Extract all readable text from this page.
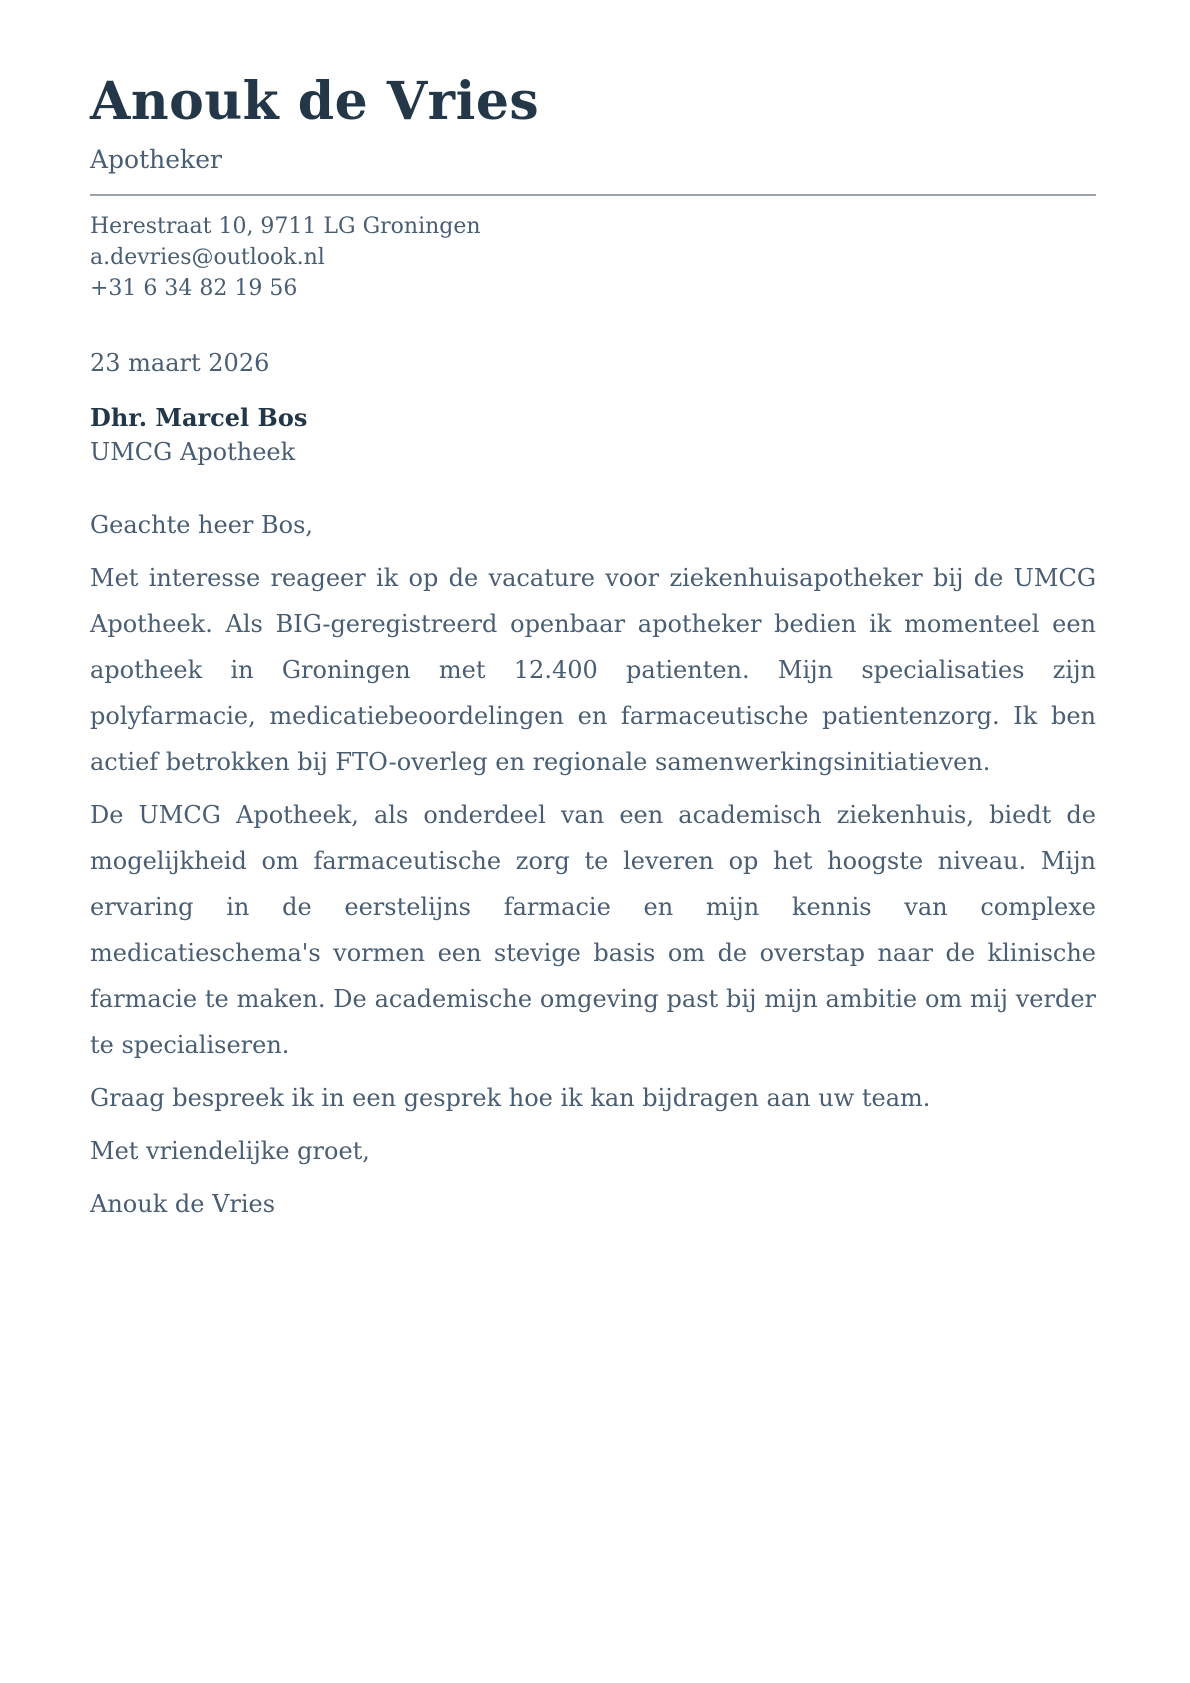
Anouk de Vries
Apotheker
Herestraat 10, 9711 LG Groningen
a.devries@outlook.nl
+31 6 34 82 19 56
23 maart 2026
Dhr. Marcel Bos
UMCG Apotheek

Geachte heer Bos,

Met interesse reageer ik op de vacature voor ziekenhuisapotheker bij de UMCG Apotheek. Als BIG-geregistreerd openbaar apotheker bedien ik momenteel een apotheek in Groningen met 12.400 patienten. Mijn specialisaties zijn polyfarmacie, medicatiebeoordelingen en farmaceutische patientenzorg. Ik ben actief betrokken bij FTO-overleg en regionale samenwerkingsinitiatieven.

De UMCG Apotheek, als onderdeel van een academisch ziekenhuis, biedt de mogelijkheid om farmaceutische zorg te leveren op het hoogste niveau. Mijn ervaring in de eerstelijns farmacie en mijn kennis van complexe medicatieschema's vormen een stevige basis om de overstap naar de klinische farmacie te maken. De academische omgeving past bij mijn ambitie om mij verder te specialiseren.

Graag bespreek ik in een gesprek hoe ik kan bijdragen aan uw team.

Met vriendelijke groet,

Anouk de Vries
